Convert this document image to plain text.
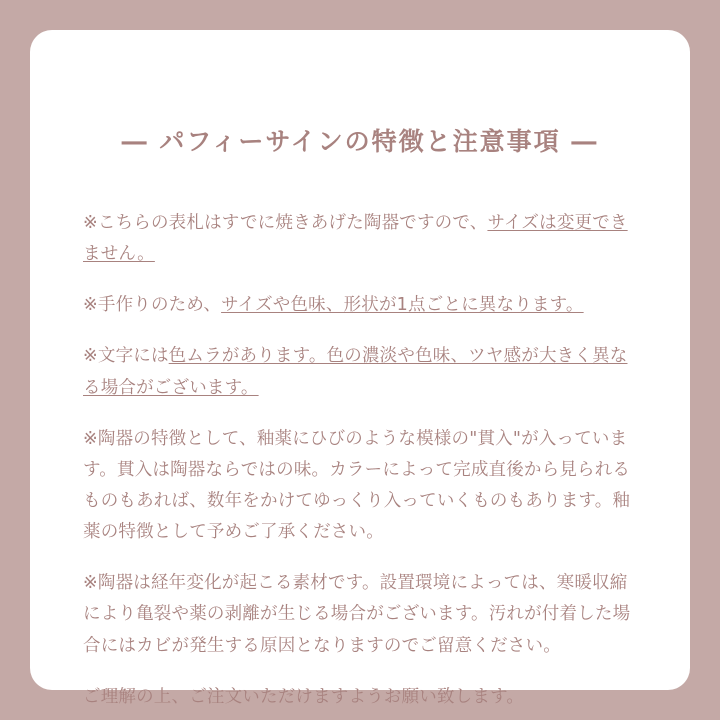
― パフィーサインの特徴と注意事項 ―
※こちらの表札はすでに焼きあげた陶器ですので、サイズは変更できません。
※手作りのため、サイズや色味、形状が1点ごとに異なります。
※文字には色ムラがあります。色の濃淡や色味、ツヤ感が大きく異なる場合がございます。
※陶器の特徴として、釉薬にひびのような模様の"貫入"が入っています。貫入は陶器ならではの味。カラーによって完成直後から見られるものもあれば、数年をかけてゆっくり入っていくものもあります。釉薬の特徴として予めご了承ください。
※陶器は経年変化が起こる素材です。設置環境によっては、寒暖収縮により亀裂や薬の剥離が生じる場合がございます。汚れが付着した場合にはカビが発生する原因となりますのでご留意ください。
ご理解の上、ご注文いただけますようお願い致します。
